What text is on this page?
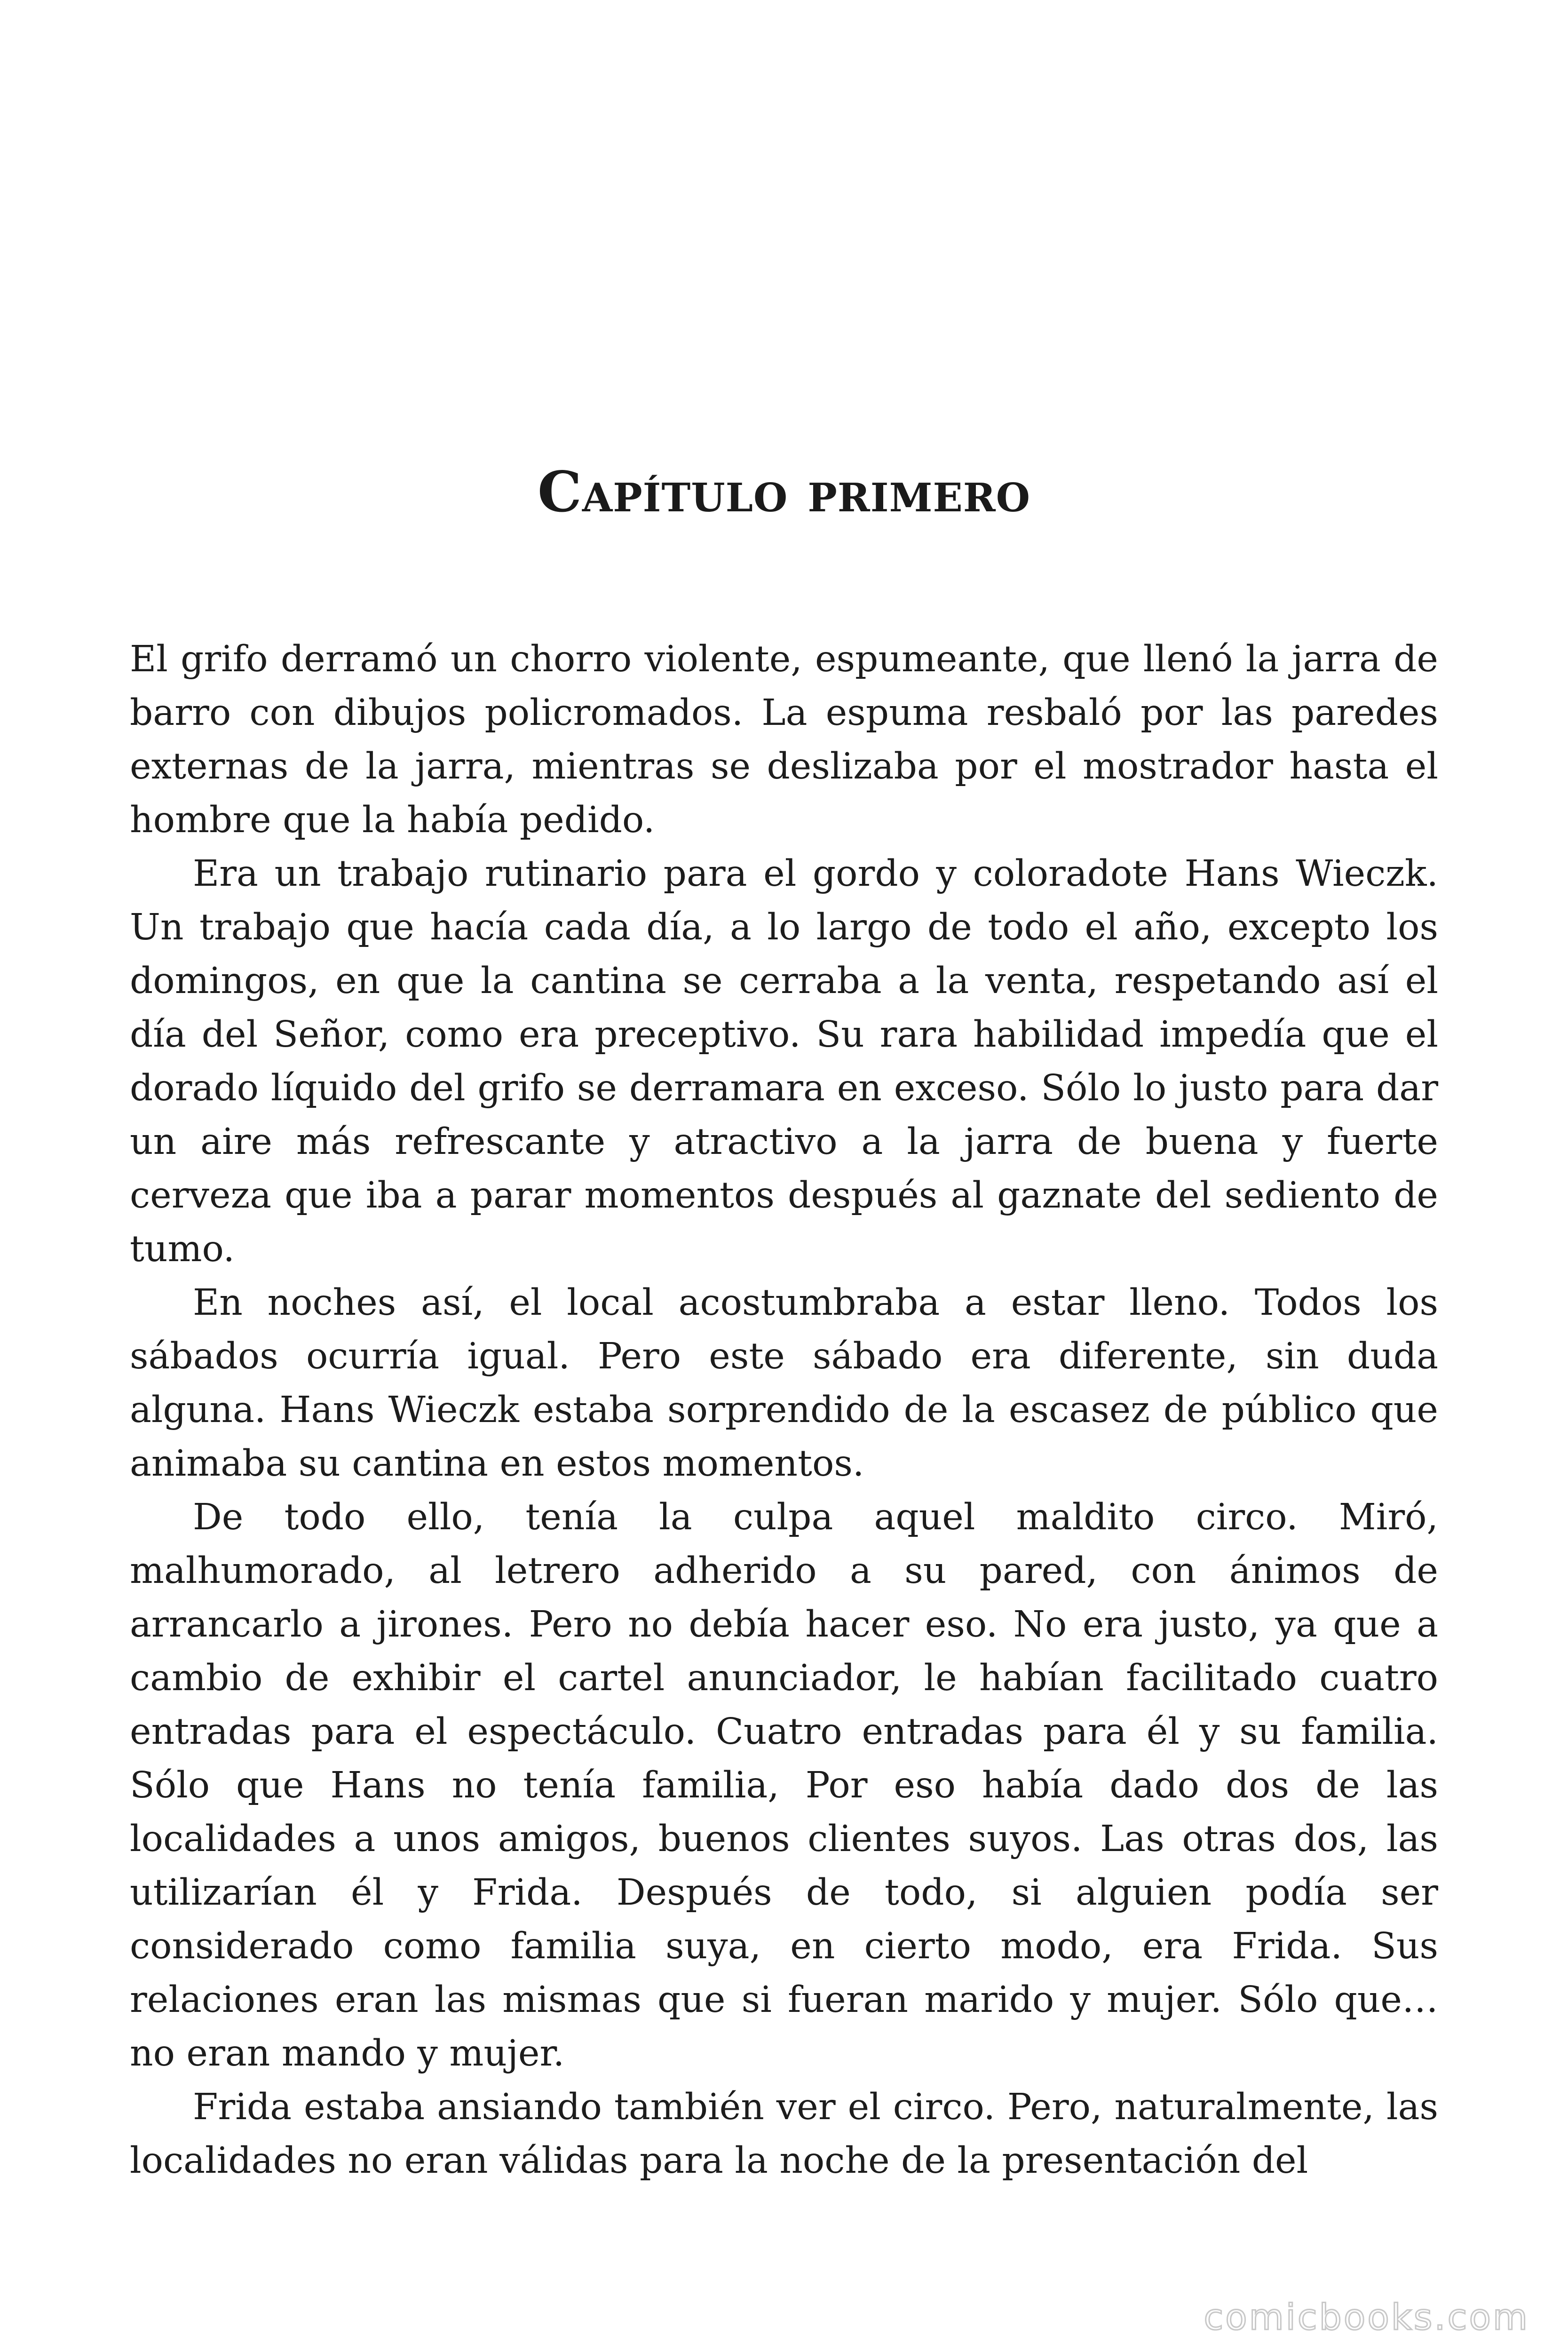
Capítulo primero

El grifo derramó un chorro violente, espumeante, que llenó la jarra de barro con dibujos policromados. La espuma resbaló por las paredes externas de la jarra, mientras se deslizaba por el mostrador hasta el hombre que la había pedido.

Era un trabajo rutinario para el gordo y coloradote Hans Wieczk. Un trabajo que hacía cada día, a lo largo de todo el año, excepto los domingos, en que la cantina se cerraba a la venta, respetando así el día del Señor, como era preceptivo. Su rara habilidad impedía que el dorado líquido del grifo se derramara en exceso. Sólo lo justo para dar un aire más refrescante y atractivo a la jarra de buena y fuerte cerveza que iba a parar momentos después al gaznate del sediento de tumo.

En noches así, el local acostumbraba a estar lleno. Todos los sábados ocurría igual. Pero este sábado era diferente, sin duda alguna. Hans Wieczk estaba sorprendido de la escasez de público que animaba su cantina en estos momentos.

De todo ello, tenía la culpa aquel maldito circo. Miró, malhumorado, al letrero adherido a su pared, con ánimos de arrancarlo a jirones. Pero no debía hacer eso. No era justo, ya que a cambio de exhibir el cartel anunciador, le habían facilitado cuatro entradas para el espectáculo. Cuatro entradas para él y su familia. Sólo que Hans no tenía familia, Por eso había dado dos de las localidades a unos amigos, buenos clientes suyos. Las otras dos, las utilizarían él y Frida. Después de todo, si alguien podía ser considerado como familia suya, en cierto modo, era Frida. Sus relaciones eran las mismas que si fueran marido y mujer. Sólo que… no eran mando y mujer.

Frida estaba ansiando también ver el circo. Pero, naturalmente, las localidades no eran válidas para la noche de la presentación del

comicbooks.com
